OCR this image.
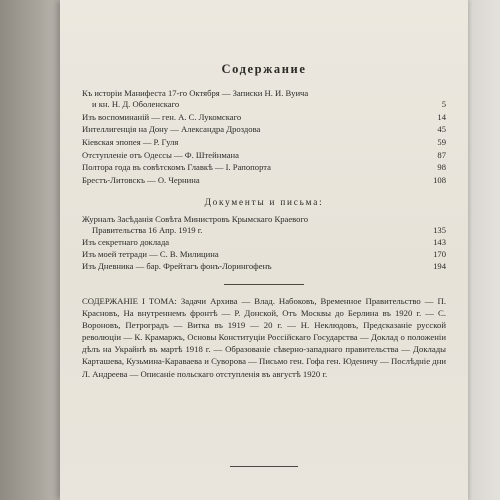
Содержание
Къ исторіи Манифеста 17-го Октября — Записки Н. И. Вуича
и кн. Н. Д. Оболенскаго	5
Изъ воспоминаній — ген. А. С. Лукомскаго	14
Интеллигенція на Дону — Александра Дроздова	45
Кіевская эпопея — Р. Гуля	59
Отступленіе отъ Одессы — Ф. Штейнмана	87
Полтора года въ совѣтскомъ Главкѣ — І. Рапопорта	98
Брестъ-Литовскъ — О. Чернина	108
Документы и письма:
Журналъ Засѣданія Совѣта Министровъ Крымскаго Краевого
Правительства 16 Апр. 1919 г.	135
Изъ секретнаго доклада	143
Изъ моей тетради — С. В. Милицина	170
Изъ Дневника — бар. Фрейтагъ фонъ-Лорингофенъ	194
СОДЕРЖАНІЕ I ТОМА: Задачи Архива — Влад. Набоковъ, Временное Правительство — П. Красновъ, На внутреннемъ фронтѣ — Р. Донской, Отъ Москвы до Берлина въ 1920 г. — С. Вороновъ, Петроградъ — Витка въ 1919 — 20 г. — Н. Неклюдовъ, Предсказаніе русской революціи — К. Крамаржъ, Основы Конституціи Россійскаго Государства — Доклад о положеніи дѣлъ на Украйнѣ въ мартѣ 1918 г. — Образованіе сѣверно-западнаго правительства — Доклады Карташева, Кузьмина-Караваева и Суворова — Письмо ген. Гофа ген. Юденичу — Послѣдніе дни Л. Андреева — Описаніе польскаго отступленія въ августѣ 1920 г.
